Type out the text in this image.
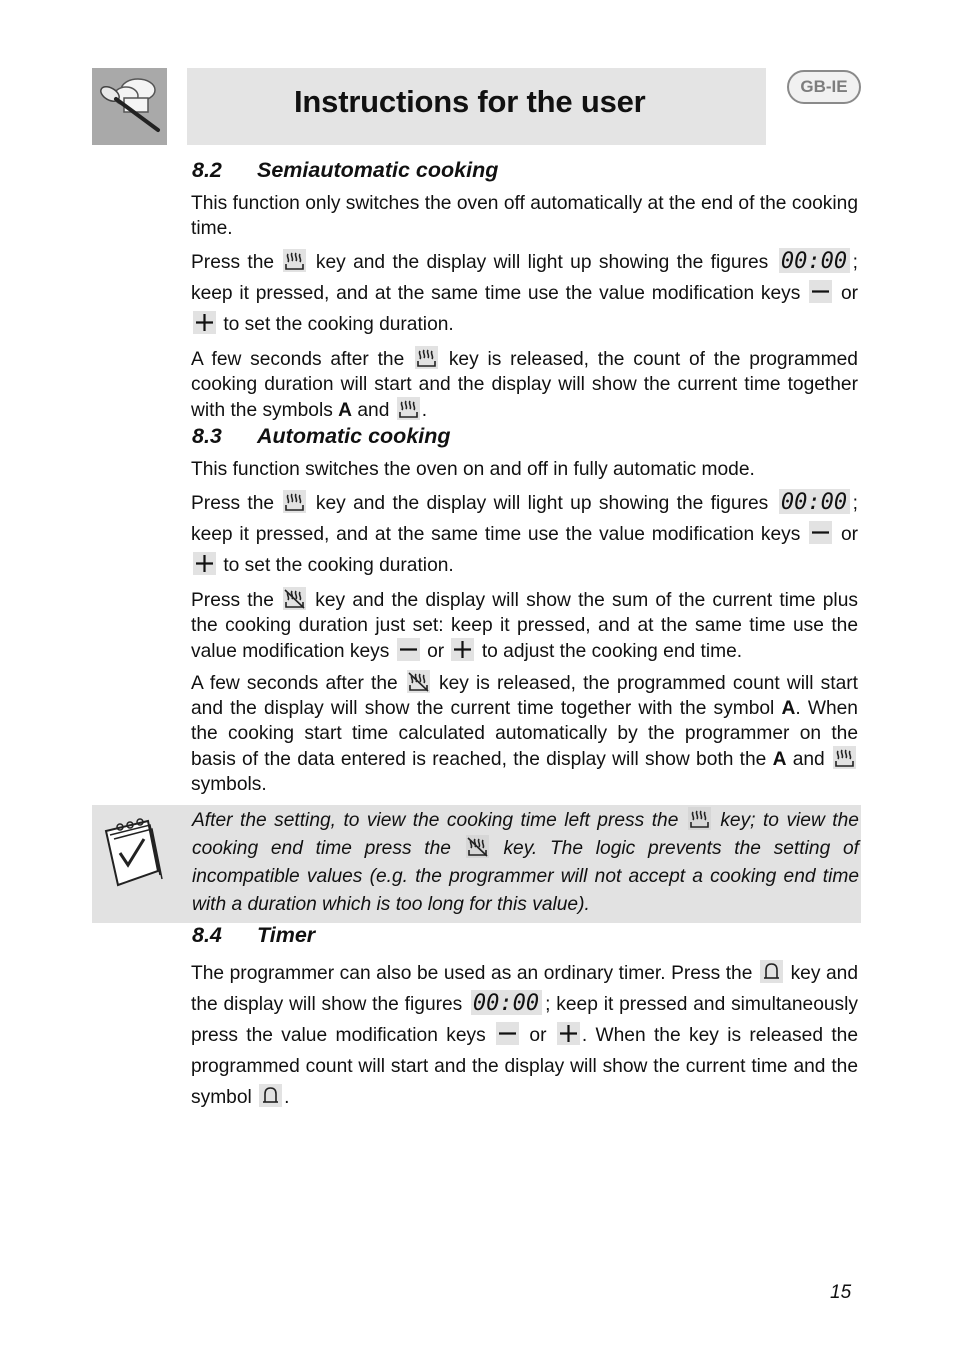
Instructions for the user	GB-IE
8.2 Semiautomatic cooking

This function only switches the oven off automatically at the end of the cooking time.

Press the key and the display will light up showing the figures 00:00 ; keep it pressed, and at the same time use the value modification keys or
to set the cooking duration.

A few seconds after the key is released, the count of the programmed cooking duration will start and the display will show the current time together with the symbols A and .

8.3 Automatic cooking

This function switches the oven on and off in fully automatic mode.

Press the key and the display will light up showing the figures 00:00 ; keep it pressed, and at the same time use the value modification keys or
to set the cooking duration.

Press the key and the display will show the sum of the current time plus the cooking duration just set: keep it pressed, and at the same time use the value modification keys or to adjust the cooking end time.

A few seconds after the key is released, the programmed count will start and the display will show the current time together with the symbol A. When the cooking start time calculated automatically by the programmer on the basis of the data entered is reached, the display will show both the A and
symbols.

After the setting, to view the cooking time left press the key; to view the cooking end time press the	key. The logic prevents the setting of incompatible values (e.g. the programmer will not accept a cooking end time with a duration which is too long for this value).
8.4 Timer

The programmer can also be used as an ordinary timer. Press the key and the display will show the figures 00:00 ; keep it pressed and simultaneously press the value modification keys or . When the key is released the programmed count will start and the display will show the current time and the symbol .

15
